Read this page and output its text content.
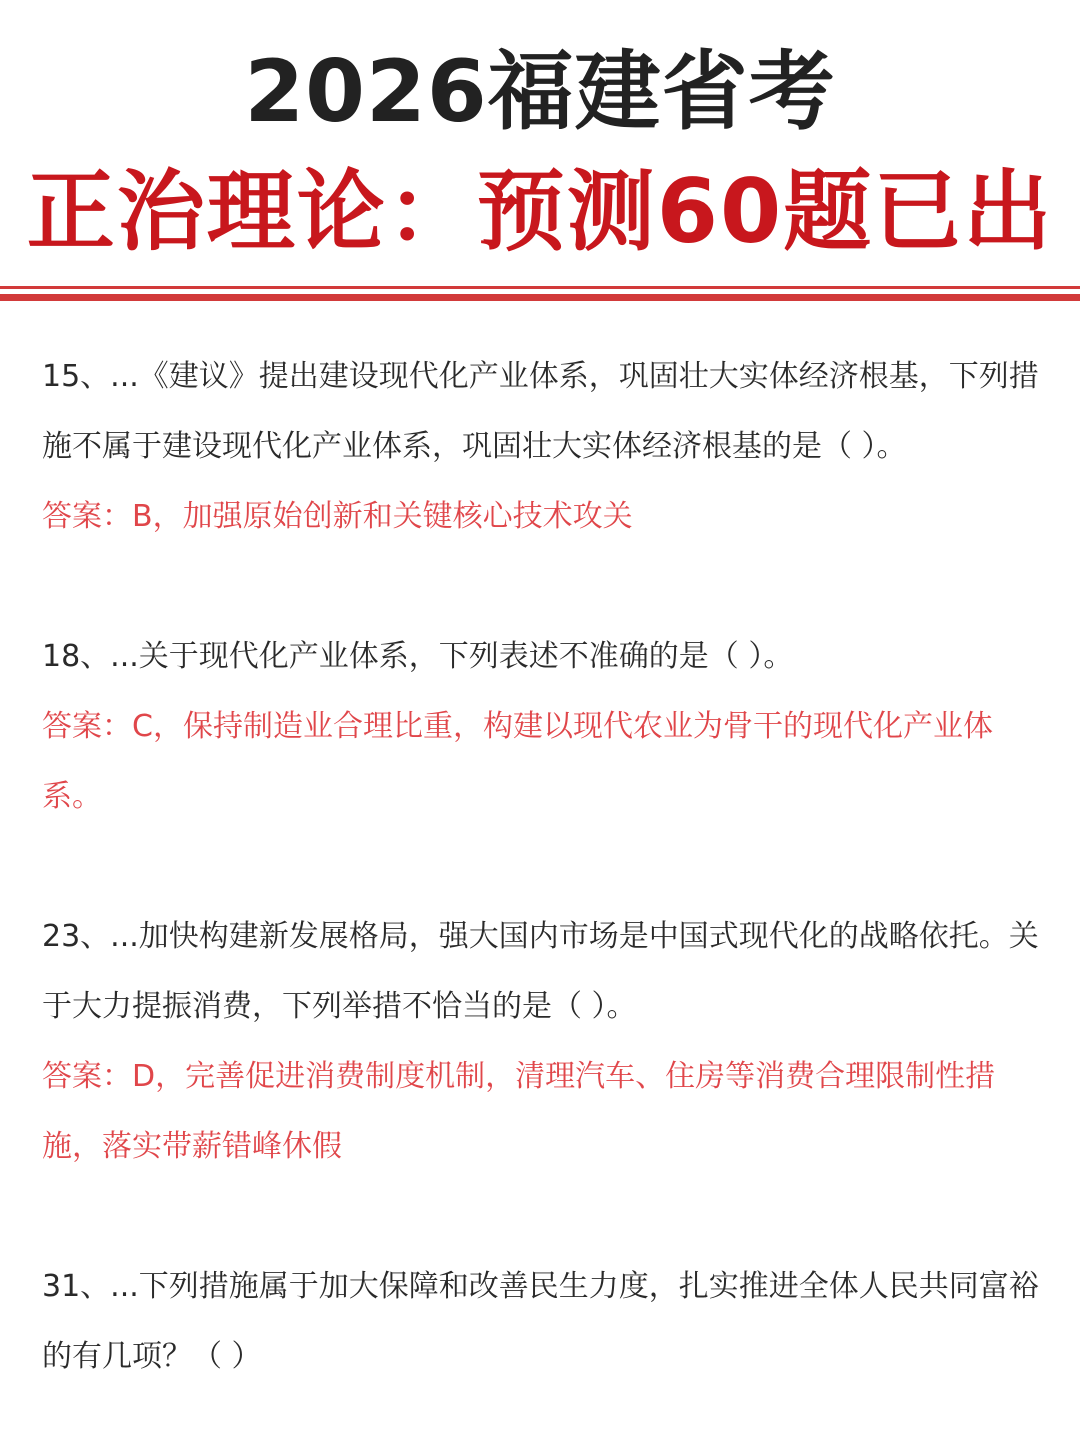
2026福建省考
正治理论：预测60题已出

15、...《建议》提出建设现代化产业体系，巩固壮大实体经济根基，下列措施不属于建设现代化产业体系，巩固壮大实体经济根基的是（ ）。

答案：B，加强原始创新和关键核心技术攻关

18、...关于现代化产业体系，下列表述不准确的是（ ）。

答案：C，保持制造业合理比重，构建以现代农业为骨干的现代化产业体系。

23、...加快构建新发展格局，强大国内市场是中国式现代化的战略依托。关于大力提振消费，下列举措不恰当的是（ ）。

答案：D，完善促进消费制度机制，清理汽车、住房等消费合理限制性措施，落实带薪错峰休假

31、...下列措施属于加大保障和改善民生力度，扎实推进全体人民共同富裕的有几项？（ ）
